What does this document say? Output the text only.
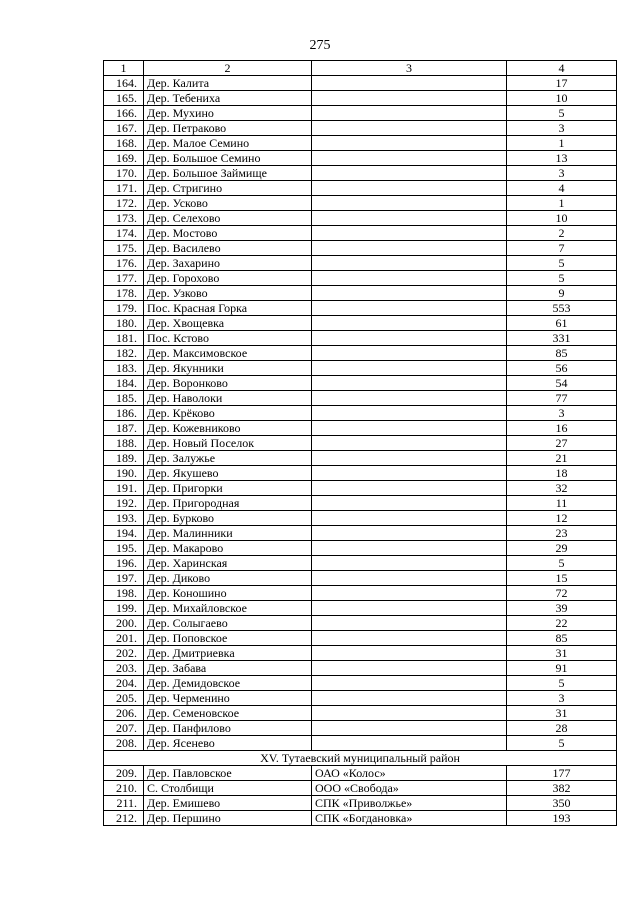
275
1	2	3	4
164.	Дер. Калита		17
165.	Дер. Тебениха		10
166.	Дер. Мухино		5
167.	Дер. Петраково		3
168.	Дер. Малое Семино		1
169.	Дер. Большое Семино		13
170.	Дер. Большое Займище		3
171.	Дер. Стригино		4
172.	Дер. Усково		1
173.	Дер. Селехово		10
174.	Дер. Мостово		2
175.	Дер. Василево		7
176.	Дер. Захарино		5
177.	Дер. Горохово		5
178.	Дер. Узково		9
179.	Пос. Красная Горка		553
180.	Дер. Хвощевка		61
181.	Пос. Кстово		331
182.	Дер. Максимовское		85
183.	Дер. Якунники		56
184.	Дер. Воронково		54
185.	Дер. Наволоки		77
186.	Дер. Крёково		3
187.	Дер. Кожевниково		16
188.	Дер. Новый Поселок		27
189.	Дер. Залужье		21
190.	Дер. Якушево		18
191.	Дер. Пригорки		32
192.	Дер. Пригородная		11
193.	Дер. Бурково		12
194.	Дер. Малинники		23
195.	Дер. Макарово		29
196.	Дер. Харинская		5
197.	Дер. Диково		15
198.	Дер. Коношино		72
199.	Дер. Михайловское		39
200.	Дер. Солыгаево		22
201.	Дер. Поповское		85
202.	Дер. Дмитриевка		31
203.	Дер. Забава		91
204.	Дер. Демидовское		5
205.	Дер. Черменино		3
206.	Дер. Семеновское		31
207.	Дер. Панфилово		28
208.	Дер. Ясенево		5
XV. Тутаевский муниципальный район			
209.	Дер. Павловское	ОАО «Колос»	177
210.	С. Столбищи	ООО «Свобода»	382
211.	Дер. Емишево	СПК «Приволжье»	350
212.	Дер. Першино	СПК «Богдановка»	193
